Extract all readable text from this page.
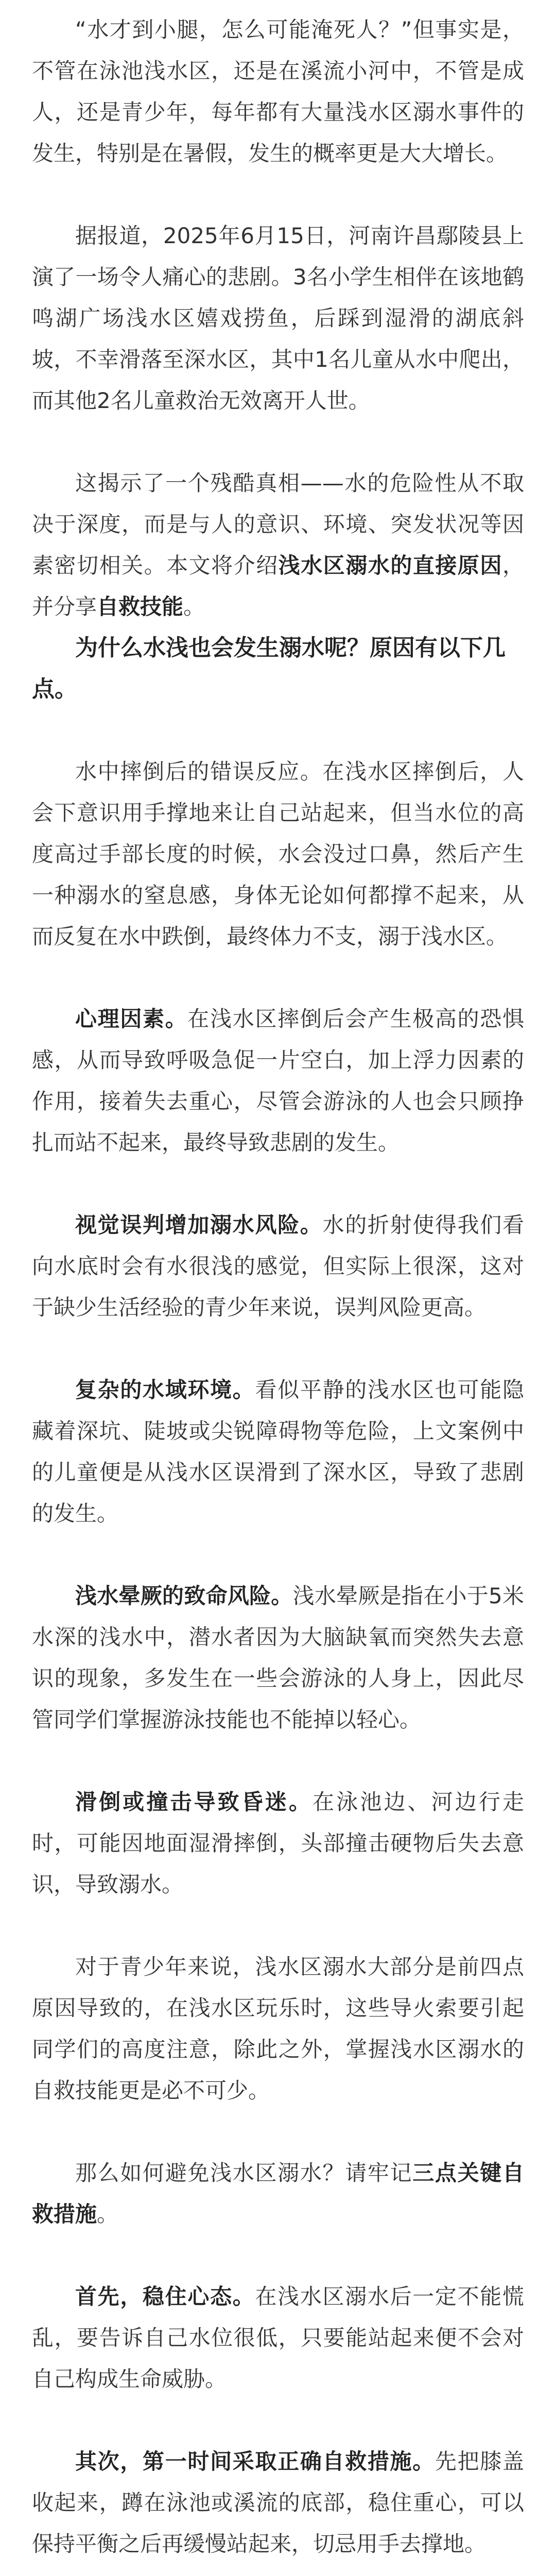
“水才到小腿，怎么可能淹死人？”但事实是，不管在泳池浅水区，还是在溪流小河中，不管是成人，还是青少年，每年都有大量浅水区溺水事件的发生，特别是在暑假，发生的概率更是大大增长。

据报道，2025年6月15日，河南许昌鄢陵县上演了一场令人痛心的悲剧。3名小学生相伴在该地鹤鸣湖广场浅水区嬉戏捞鱼，后踩到湿滑的湖底斜坡，不幸滑落至深水区，其中1名儿童从水中爬出，而其他2名儿童救治无效离开人世。

这揭示了一个残酷真相——水的危险性从不取决于深度，而是与人的意识、环境、突发状况等因素密切相关。本文将介绍浅水区溺水的直接原因，并分享自救技能。

为什么水浅也会发生溺水呢？原因有以下几点。

水中摔倒后的错误反应。在浅水区摔倒后，人会下意识用手撑地来让自己站起来，但当水位的高度高过手部长度的时候，水会没过口鼻，然后产生一种溺水的窒息感，身体无论如何都撑不起来，从而反复在水中跌倒，最终体力不支，溺于浅水区。

心理因素。在浅水区摔倒后会产生极高的恐惧感，从而导致呼吸急促一片空白，加上浮力因素的作用，接着失去重心，尽管会游泳的人也会只顾挣扎而站不起来，最终导致悲剧的发生。

视觉误判增加溺水风险。水的折射使得我们看向水底时会有水很浅的感觉，但实际上很深，这对于缺少生活经验的青少年来说，误判风险更高。

复杂的水域环境。看似平静的浅水区也可能隐藏着深坑、陡坡或尖锐障碍物等危险，上文案例中的儿童便是从浅水区误滑到了深水区，导致了悲剧的发生。

浅水晕厥的致命风险。浅水晕厥是指在小于5米水深的浅水中，潜水者因为大脑缺氧而突然失去意识的现象，多发生在一些会游泳的人身上，因此尽管同学们掌握游泳技能也不能掉以轻心。

滑倒或撞击导致昏迷。在泳池边、河边行走时，可能因地面湿滑摔倒，头部撞击硬物后失去意识，导致溺水。

对于青少年来说，浅水区溺水大部分是前四点原因导致的，在浅水区玩乐时，这些导火索要引起同学们的高度注意，除此之外，掌握浅水区溺水的自救技能更是必不可少。

那么如何避免浅水区溺水？请牢记三点关键自救措施。

首先，稳住心态。在浅水区溺水后一定不能慌乱，要告诉自己水位很低，只要能站起来便不会对自己构成生命威胁。

其次，第一时间采取正确自救措施。先把膝盖收起来，蹲在泳池或溪流的底部，稳住重心，可以保持平衡之后再缓慢站起来，切忌用手去撑地。
